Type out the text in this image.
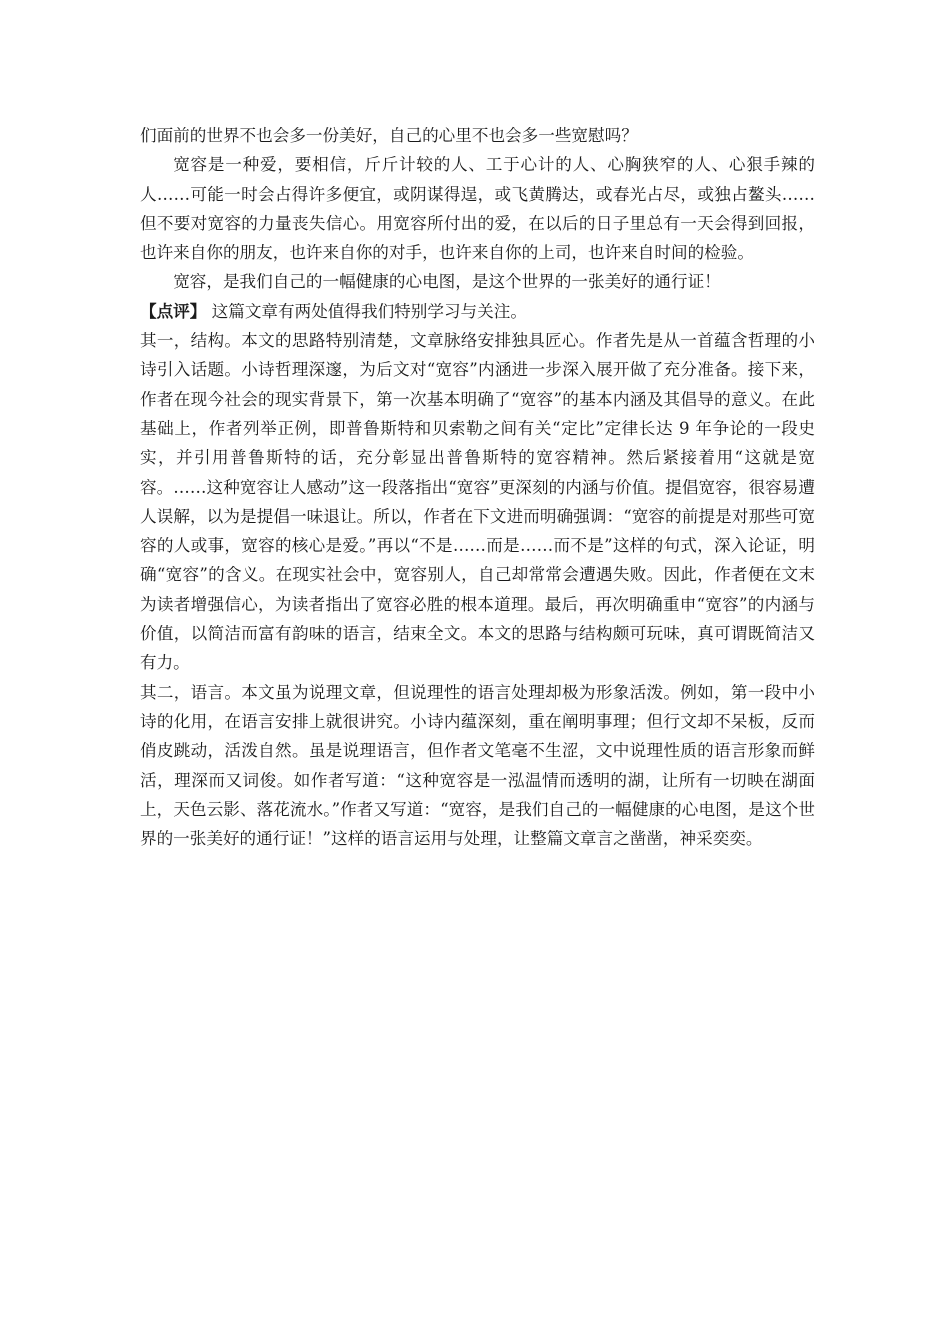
们面前的世界不也会多一份美好，自己的心里不也会多一些宽慰吗？

宽容是一种爱，要相信，斤斤计较的人、工于心计的人、心胸狭窄的人、心狠手辣的人……可能一时会占得许多便宜，或阴谋得逞，或飞黄腾达，或春光占尽，或独占鳌头……但不要对宽容的力量丧失信心。用宽容所付出的爱，在以后的日子里总有一天会得到回报，也许来自你的朋友，也许来自你的对手，也许来自你的上司，也许来自时间的检验。

宽容，是我们自己的一幅健康的心电图，是这个世界的一张美好的通行证！

【点评】 这篇文章有两处值得我们特别学习与关注。

其一，结构。本文的思路特别清楚，文章脉络安排独具匠心。作者先是从一首蕴含哲理的小诗引入话题。小诗哲理深邃，为后文对“宽容”内涵进一步深入展开做了充分准备。接下来，作者在现今社会的现实背景下，第一次基本明确了“宽容”的基本内涵及其倡导的意义。在此基础上，作者列举正例，即普鲁斯特和贝索勒之间有关“定比”定律长达 9 年争论的一段史实，并引用普鲁斯特的话，充分彰显出普鲁斯特的宽容精神。然后紧接着用“这就是宽容。……这种宽容让人感动”这一段落指出“宽容”更深刻的内涵与价值。提倡宽容，很容易遭人误解，以为是提倡一味退让。所以，作者在下文进而明确强调：“宽容的前提是对那些可宽容的人或事，宽容的核心是爱。”再以“不是……而是……而不是”这样的句式，深入论证，明确“宽容”的含义。在现实社会中，宽容别人，自己却常常会遭遇失败。因此，作者便在文末为读者增强信心，为读者指出了宽容必胜的根本道理。最后，再次明确重申“宽容”的内涵与价值，以简洁而富有韵味的语言，结束全文。本文的思路与结构颇可玩味，真可谓既简洁又有力。

其二，语言。本文虽为说理文章，但说理性的语言处理却极为形象活泼。例如，第一段中小诗的化用，在语言安排上就很讲究。小诗内蕴深刻，重在阐明事理；但行文却不呆板，反而俏皮跳动，活泼自然。虽是说理语言，但作者文笔毫不生涩，文中说理性质的语言形象而鲜活，理深而又词俊。如作者写道：“这种宽容是一泓温情而透明的湖，让所有一切映在湖面上，天色云影、落花流水。”作者又写道：“宽容，是我们自己的一幅健康的心电图，是这个世界的一张美好的通行证！”这样的语言运用与处理，让整篇文章言之凿凿，神采奕奕。
